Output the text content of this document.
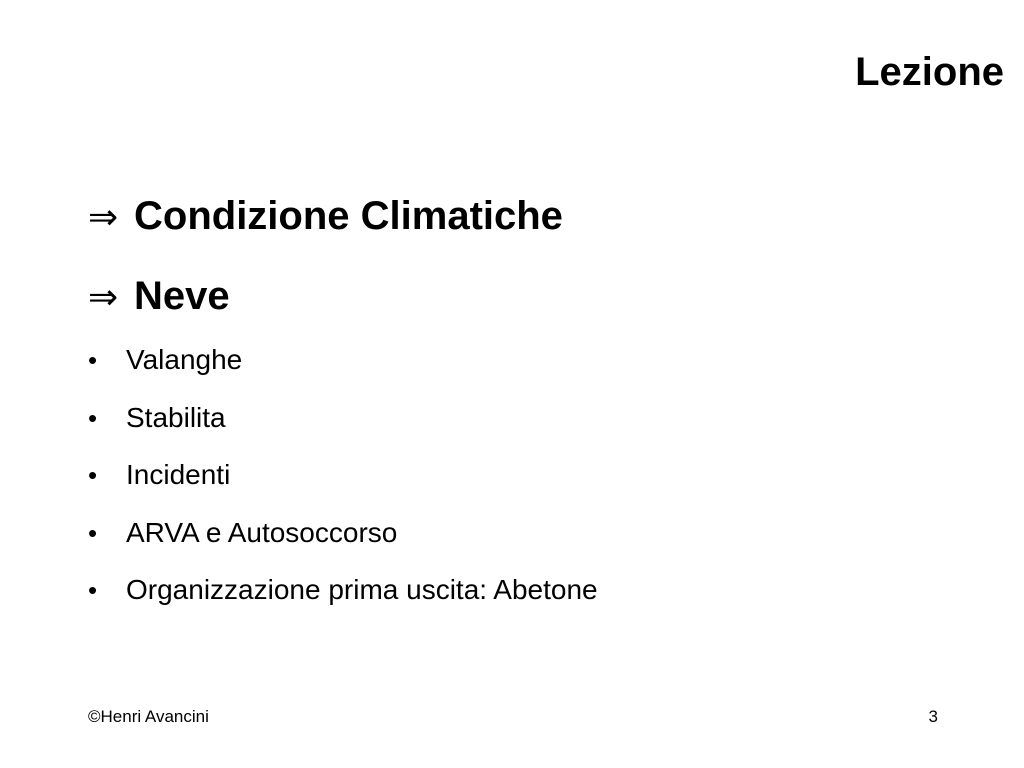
Lezione
⇒ Condizione Climatiche
⇒ Neve
•	Valanghe
•	Stabilita
•	Incidenti
•	ARVA e Autosoccorso
•	Organizzazione prima uscita: Abetone
©Henri Avancini	3
